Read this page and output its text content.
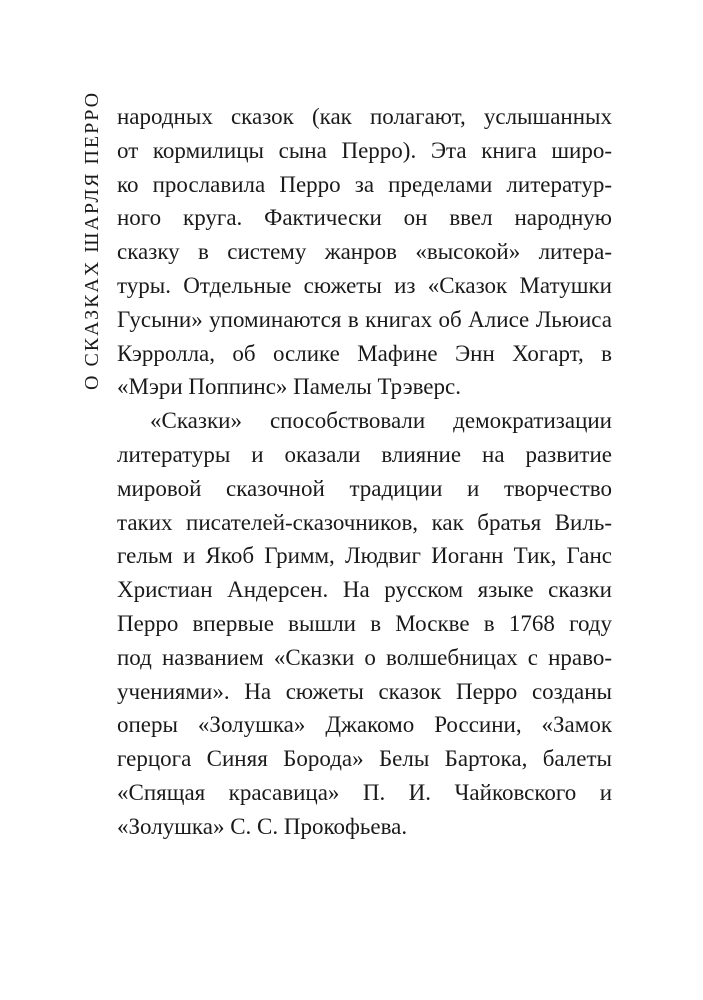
О СКАЗКАХ ШАРЛЯ ПЕРРО народных сказок (как полагают, услышанных
от кормилицы сына Перро). Эта книга широ-
ко прославила Перро за пределами литератур-
ного круга. Фактически он ввел народную
сказку в систему жанров «высокой» литера-
туры. Отдельные сюжеты из «Сказок Матушки
Гусыни» упоминаются в книгах об Алисе Льюиса
Кэрролла, об ослике Мафине Энн Хогарт, в
«Мэри Поппинс» Памелы Трэверс.
«Сказки» способствовали демократизации
литературы и оказали влияние на развитие
мировой сказочной традиции и творчество
таких писателей-сказочников, как братья Виль-
гельм и Якоб Гримм, Людвиг Иоганн Тик, Ганс
Христиан Андерсен. На русском языке сказки
Перро впервые вышли в Москве в 1768 году
под названием «Сказки о волшебницах с нраво-
учениями». На сюжеты сказок Перро созданы
оперы «Золушка» Джакомо Россини, «Замок
герцога Синяя Борода» Белы Бартока, балеты
«Спящая красавица» П. И. Чайковского и
«Золушка» С. С. Прокофьева.
